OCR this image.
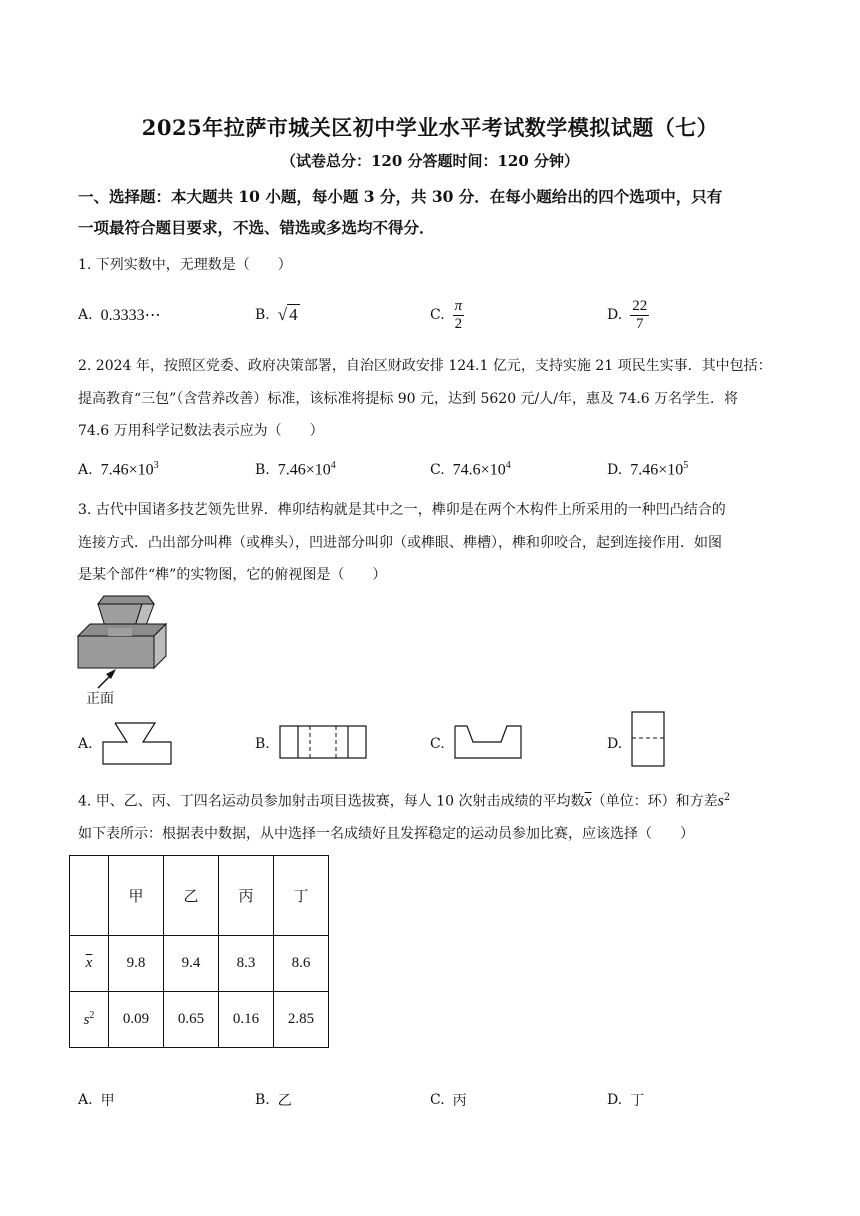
2025年拉萨市城关区初中学业水平考试数学模拟试题（七）
（试卷总分：120 分答题时间：120 分钟）
一、选择题：本大题共 10 小题，每小题 3 分，共 30 分．在每小题给出的四个选项中，只有
一项最符合题目要求，不选、错选或多选均不得分．
1. 下列实数中，无理数是（　　）
A. 0.3333⋯	B. √ 4	C. $\frac{\pi}{2}$	D. $\frac{22}{7}$
2. 2024 年，按照区党委、政府决策部署，自治区财政安排 124.1 亿元，支持实施 21 项民生实事．其中包括：
提高教育“三包”（含营养改善）标准，该标准将提标 90 元，达到 5620 元/人/年，惠及 74.6 万名学生．将
74.6 万用科学记数法表示应为（　　）
A. $7.46\times 10^3$	B. $7.46\times 10^4$	C. $74.6\times 10^4$	D. $7.46\times 10^5$
3. 古代中国诸多技艺领先世界．榫卯结构就是其中之一，榫卯是在两个木构件上所采用的一种凹凸结合的
连接方式．凸出部分叫榫（或榫头），凹进部分叫卯（或榫眼、榫槽），榫和卯咬合，起到连接作用．如图
是某个部件“榫”的实物图，它的俯视图是（　　）
正面
A.	B.	C.	D.
4. 甲、乙、丙、丁四名运动员参加射击项目选拔赛，每人 10 次射击成绩的平均数$\overline{x}$（单位：环）和方差$s^2$
如下表所示：根据表中数据，从中选择一名成绩好且发挥稳定的运动员参加比赛，应该选择（　　）
	甲	乙	丙	丁
$\overline{x}$	9.8	9.4	8.3	8.6
$s^2$	0.09	0.65	0.16	2.85
A. 甲	B. 乙	C. 丙	D. 丁
